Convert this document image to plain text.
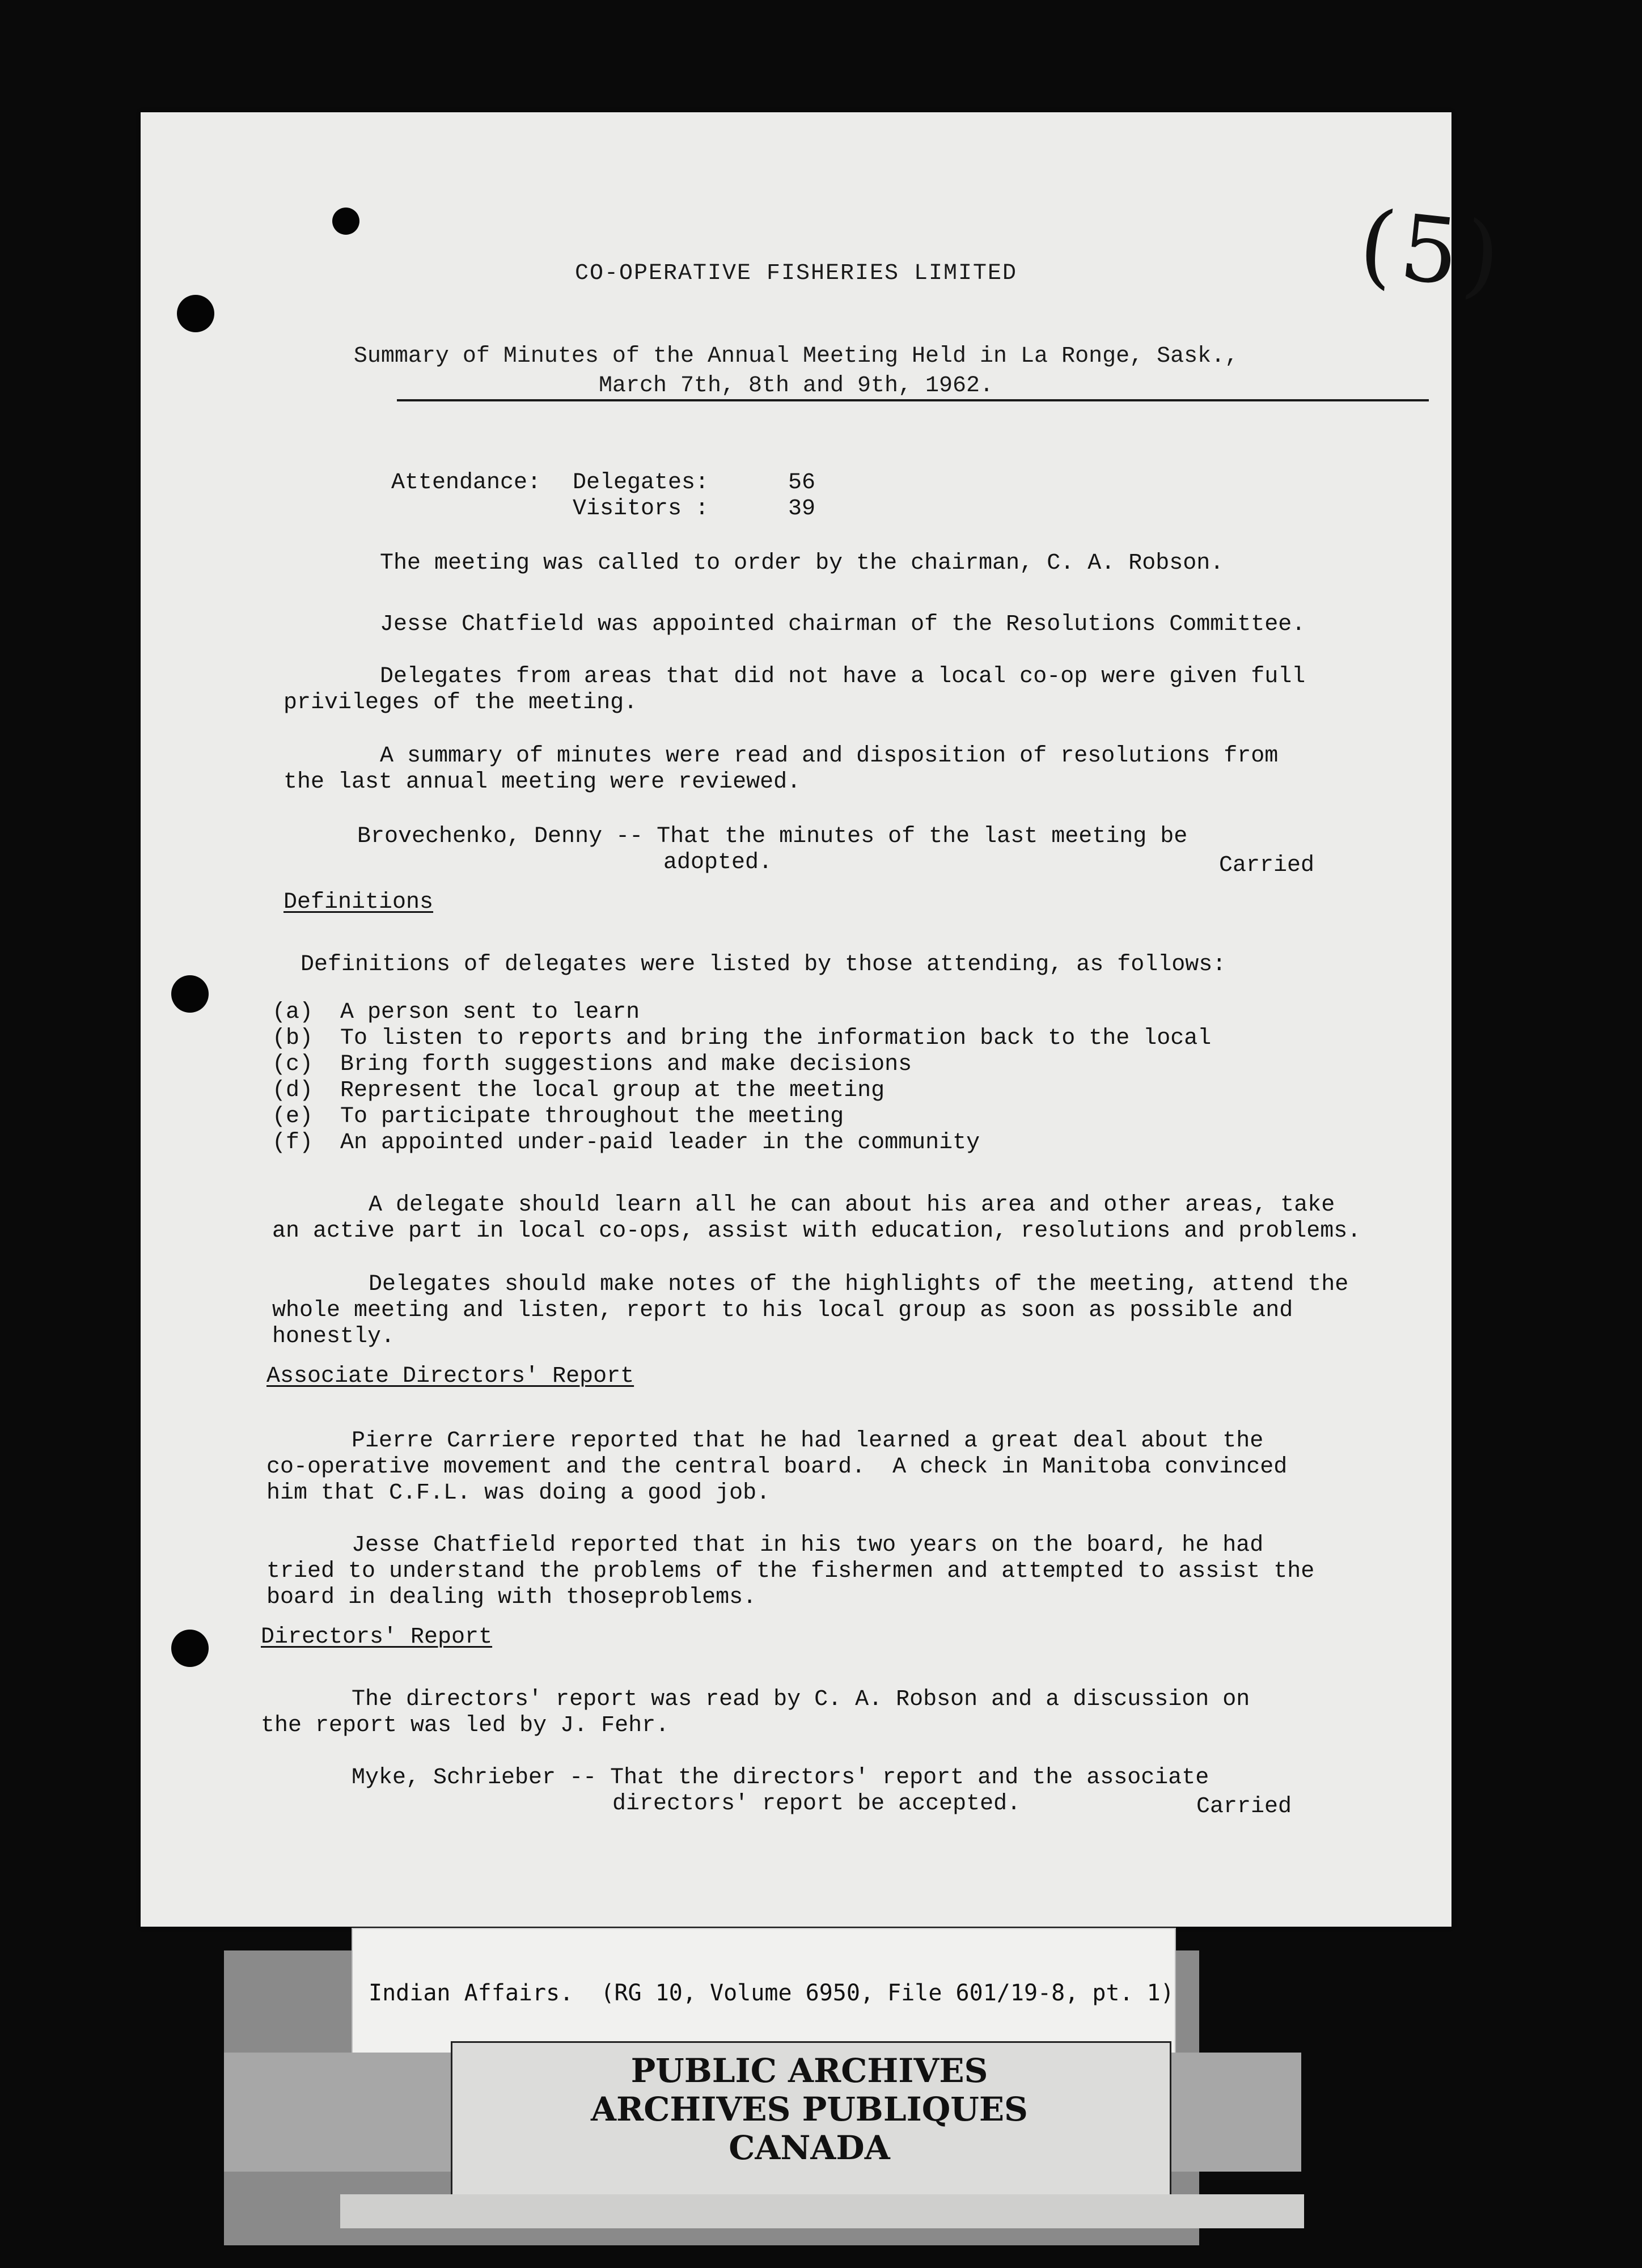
(5)
CO-OPERATIVE FISHERIES LIMITED
Summary of Minutes of the Annual Meeting Held in La Ronge, Sask.,
March 7th, 8th and 9th, 1962.
Attendance: Delegates:	56
Visitors :	39
The meeting was called to order by the chairman, C. A. Robson.
Jesse Chatfield was appointed chairman of the Resolutions Committee.
Delegates from areas that did not have a local co-op were given full
privileges of the meeting.
A summary of minutes were read and disposition of resolutions from
the last annual meeting were reviewed.
Brovechenko, Denny -- That the minutes of the last meeting be
adopted.	Carried
Definitions
Definitions of delegates were listed by those attending, as follows:
(a) A person sent to learn
(b) To listen to reports and bring the information back to the local
(c) Bring forth suggestions and make decisions
(d) Represent the local group at the meeting
(e) To participate throughout the meeting
(f) An appointed under-paid leader in the community
A delegate should learn all he can about his area and other areas, take
an active part in local co-ops, assist with education, resolutions and problems.
Delegates should make notes of the highlights of the meeting, attend the
whole meeting and listen, report to his local group as soon as possible and
honestly.
Associate Directors' Report
Pierre Carriere reported that he had learned a great deal about the
co-operative movement and the central board.  A check in Manitoba convinced
him that C.F.L. was doing a good job.
Jesse Chatfield reported that in his two years on the board, he had
tried to understand the problems of the fishermen and attempted to assist the
board in dealing with thoseproblems.
Directors' Report
The directors' report was read by C. A. Robson and a discussion on
the report was led by J. Fehr.
Myke, Schrieber -- That the directors' report and the associate
directors' report be accepted.	Carried
Indian Affairs.  (RG 10, Volume 6950, File 601/19-8, pt. 1)
PUBLIC ARCHIVES
ARCHIVES PUBLIQUES
CANADA
